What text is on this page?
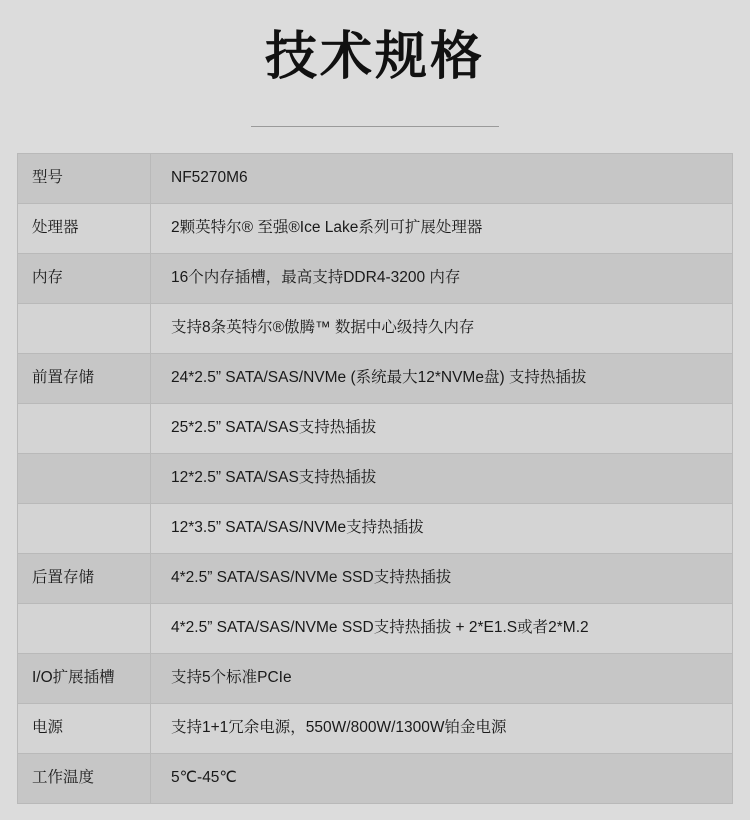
技术规格
型号	NF5270M6
处理器	2颗英特尔® 至强®Ice Lake系列可扩展处理器
内存	16个内存插槽，最高支持DDR4-3200 内存
	支持8条英特尔®傲腾™ 数据中心级持久内存
前置存储	24*2.5” SATA/SAS/NVMe (系统最大12*NVMe盘) 支持热插拔
	25*2.5” SATA/SAS支持热插拔
	12*2.5” SATA/SAS支持热插拔
	12*3.5” SATA/SAS/NVMe支持热插拔
后置存储	4*2.5” SATA/SAS/NVMe SSD支持热插拔
	4*2.5” SATA/SAS/NVMe SSD支持热插拔 + 2*E1.S或者2*M.2
I/O扩展插槽	支持5个标准PCIe
电源	支持1+1冗余电源，550W/800W/1300W铂金电源
工作温度	5℃-45℃
